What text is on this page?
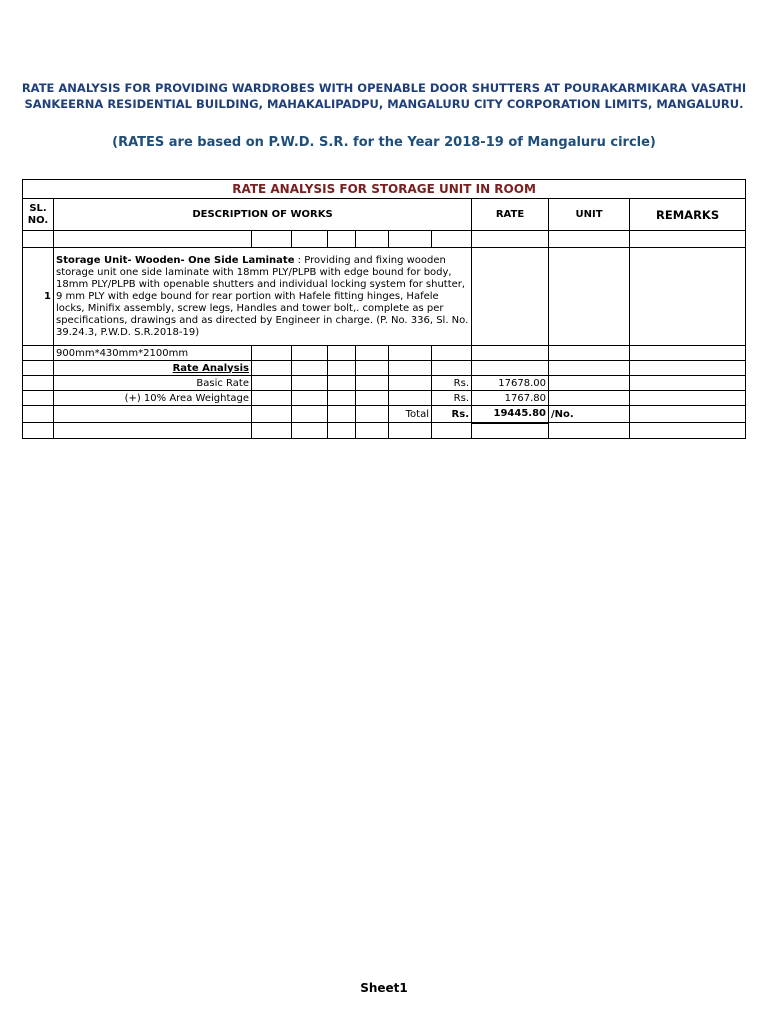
RATE ANALYSIS FOR PROVIDING WARDROBES WITH OPENABLE DOOR SHUTTERS AT POURAKARMIKARA VASATHI
SANKEERNA RESIDENTIAL BUILDING, MAHAKALIPADPU, MANGALURU CITY CORPORATION LIMITS, MANGALURU.
(RATES are based on P.W.D. S.R. for the Year 2018-19 of Mangaluru circle)
RATE ANALYSIS FOR STORAGE UNIT IN ROOM										
SL. NO.	DESCRIPTION OF WORKS							RATE	UNIT	REMARKS

1	Storage Unit- Wooden- One Side Laminate : Providing and fixing wooden storage unit one side laminate with 18mm PLY/PLPB with edge bound for body, 18mm PLY/PLPB with openable shutters and individual locking system for shutter, 9 mm PLY with edge bound for rear portion with Hafele fitting hinges, Hafele locks, Minifix assembly, screw legs, Handles and tower bolt,. complete as per specifications, drawings and as directed by Engineer in charge. (P. No. 336, Sl. No. 39.24.3, P.W.D. S.R.2018-19)									
	900mm*430mm*2100mm									
	Rate Analysis									
	Basic Rate						Rs.	17678.00		
	(+) 10% Area Weightage						Rs.	1767.80		
						Total	Rs.	19445.80	/No.	

Sheet1
